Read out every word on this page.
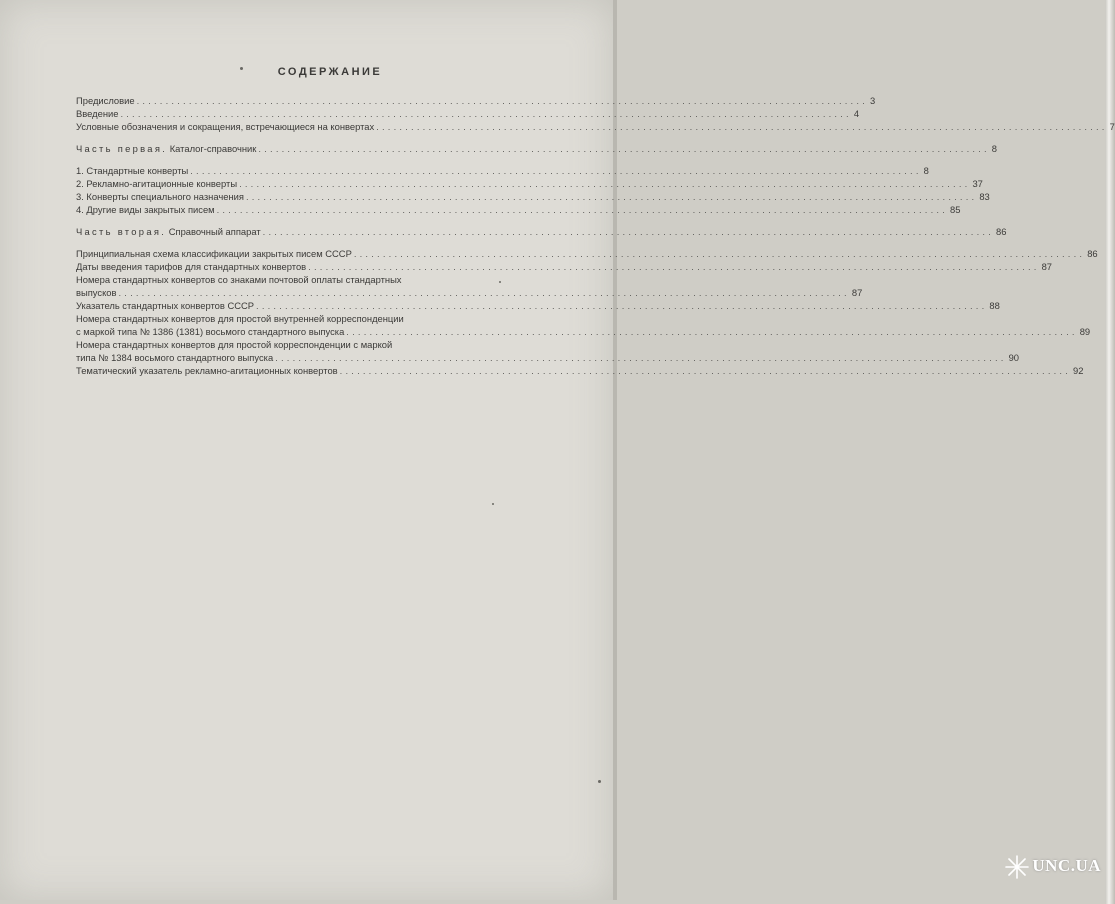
СОДЕРЖАНИЕ
Предисловие .............................................................................................................................. 3
Введение .............................................................................................................................. 4
Условные обозначения и сокращения, встречающиеся на конвертах .............................................................................................................................. 7
Часть первая. Каталог-справочник .............................................................................................................................. 8
1. Стандартные конверты .............................................................................................................................. 8
2. Рекламно-агитационные конверты .............................................................................................................................. 37
3. Конверты специального назначения .............................................................................................................................. 83
4. Другие виды закрытых писем .............................................................................................................................. 85
Часть вторая. Справочный аппарат .............................................................................................................................. 86
Принципиальная схема классификации закрытых писем СССР .............................................................................................................................. 86
Даты введения тарифов для стандартных конвертов .............................................................................................................................. 87
Номера стандартных конвертов со знаками почтовой оплаты стандартных
выпусков .............................................................................................................................. 87
Указатель стандартных конвертов СССР .............................................................................................................................. 88
Номера стандартных конвертов для простой внутренней корреспонденции
с маркой типа № 1386 (1381) восьмого стандартного выпуска .............................................................................................................................. 89
Номера стандартных конвертов для простой корреспонденции с маркой
типа № 1384 восьмого стандартного выпуска .............................................................................................................................. 90
Тематический указатель рекламно-агитационных конвертов .............................................................................................................................. 92
UNC.UA
